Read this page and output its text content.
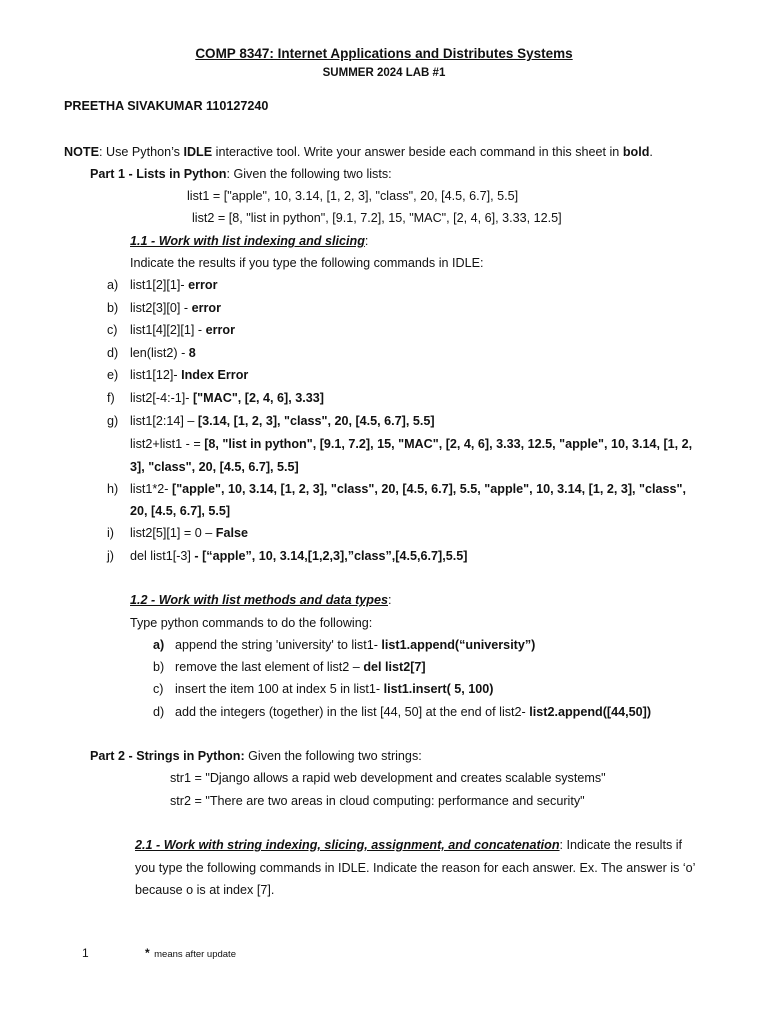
COMP 8347: Internet Applications and Distributes Systems
SUMMER 2024 LAB #1
PREETHA SIVAKUMAR 110127240
NOTE: Use Python’s IDLE interactive tool. Write your answer beside each command in this sheet in bold.
Part 1 - Lists in Python: Given the following two lists:
list1 = ["apple", 10, 3.14, [1, 2, 3], "class", 20, [4.5, 6.7], 5.5]
list2 = [8, "list in python", [9.1, 7.2], 15, "MAC", [2, 4, 6], 3.33, 12.5]
1.1 - Work with list indexing and slicing:
Indicate the results if you type the following commands in IDLE:
a) list1[2][1]- error
b) list2[3][0] - error
c) list1[4][2][1] - error
d) len(list2) - 8
e) list1[12]- Index Error
f) list2[-4:-1]- ["MAC", [2, 4, 6], 3.33]
g) list1[2:14] – [3.14, [1, 2, 3], "class", 20, [4.5, 6.7], 5.5]
list2+list1 - = [8, "list in python", [9.1, 7.2], 15, "MAC", [2, 4, 6], 3.33, 12.5, "apple", 10, 3.14, [1, 2,
3], "class", 20, [4.5, 6.7], 5.5]
h) list1*2- ["apple", 10, 3.14, [1, 2, 3], "class", 20, [4.5, 6.7], 5.5, "apple", 10, 3.14, [1, 2, 3], "class",
20, [4.5, 6.7], 5.5]
i) list2[5][1] = 0 – False
j) del list1[-3] - [“apple”, 10, 3.14,[1,2,3],”class”,[4.5,6.7],5.5]
1.2 - Work with list methods and data types:
Type python commands to do the following:
a) append the string 'university' to list1- list1.append(“university”)
b) remove the last element of list2 – del list2[7]
c) insert the item 100 at index 5 in list1- list1.insert( 5, 100)
d) add the integers (together) in the list [44, 50] at the end of list2- list2.append([44,50])
Part 2 - Strings in Python: Given the following two strings:
str1 = "Django allows a rapid web development and creates scalable systems"
str2 = "There are two areas in cloud computing: performance and security"
2.1 - Work with string indexing, slicing, assignment, and concatenation: Indicate the results if
you type the following commands in IDLE. Indicate the reason for each answer. Ex. The answer is ‘o’
because o is at index [7].
1	* means after update
